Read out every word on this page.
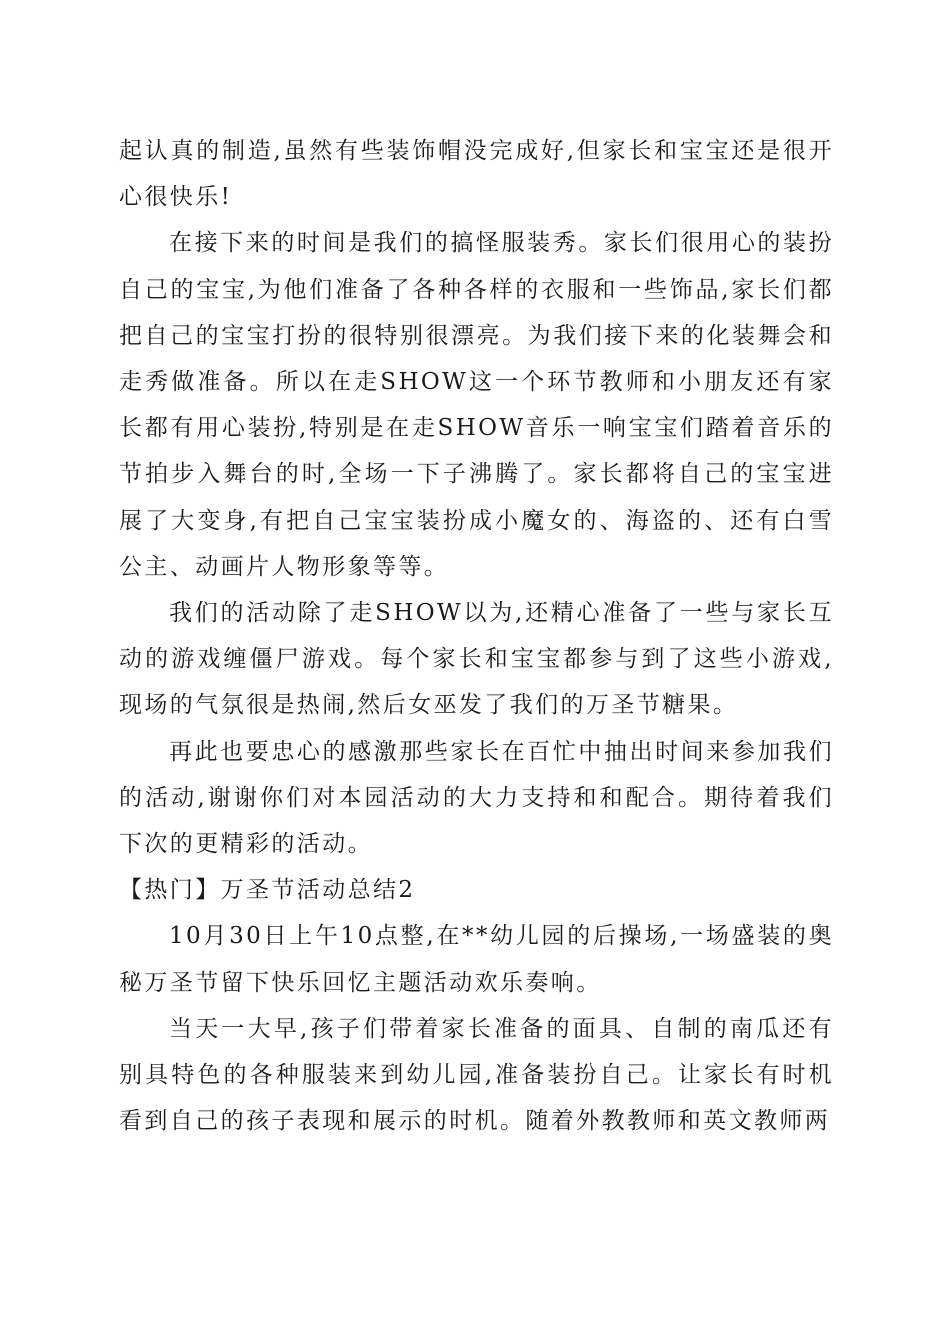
起认真的制造,虽然有些装饰帽没完成好,但家长和宝宝还是很开心很快乐!

在接下来的时间是我们的搞怪服装秀。家长们很用心的装扮自己的宝宝,为他们准备了各种各样的衣服和一些饰品,家长们都把自己的宝宝打扮的很特别很漂亮。为我们接下来的化装舞会和走秀做准备。所以在走SHOW这一个环节教师和小朋友还有家长都有用心装扮,特别是在走SHOW音乐一响宝宝们踏着音乐的节拍步入舞台的时,全场一下子沸腾了。家长都将自己的宝宝进展了大变身,有把自己宝宝装扮成小魔女的、海盗的、还有白雪公主、动画片人物形象等等。

我们的活动除了走SHOW以为,还精心准备了一些与家长互动的游戏缠僵尸游戏。每个家长和宝宝都参与到了这些小游戏,现场的气氛很是热闹,然后女巫发了我们的万圣节糖果。

再此也要忠心的感激那些家长在百忙中抽出时间来参加我们的活动,谢谢你们对本园活动的大力支持和和配合。期待着我们下次的更精彩的活动。

【热门】万圣节活动总结2

10月30日上午10点整,在**幼儿园的后操场,一场盛装的奥秘万圣节留下快乐回忆主题活动欢乐奏响。

当天一大早,孩子们带着家长准备的面具、自制的南瓜还有别具特色的各种服装来到幼儿园,准备装扮自己。让家长有时机看到自己的孩子表现和展示的时机。随着外教教师和英文教师两
